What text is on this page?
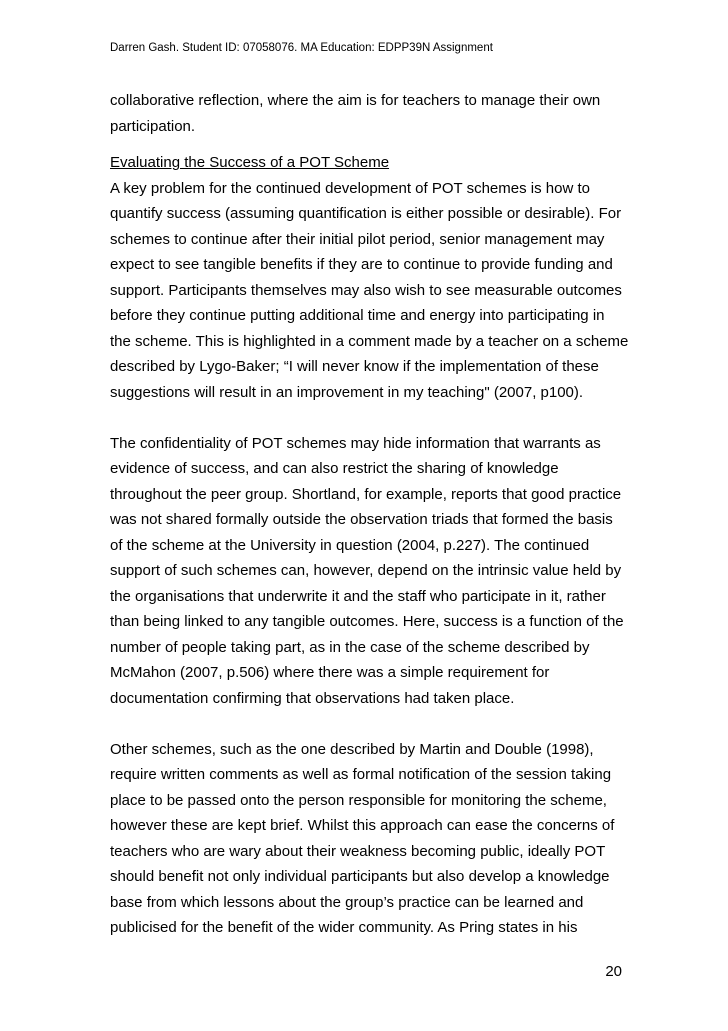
Darren Gash. Student ID: 07058076. MA Education: EDPP39N Assignment
collaborative reflection, where the aim is for teachers to manage their own
participation.
Evaluating the Success of a POT Scheme
A key problem for the continued development of POT schemes is how to
quantify success (assuming quantification is either possible or desirable). For
schemes to continue after their initial pilot period, senior management may
expect to see tangible benefits if they are to continue to provide funding and
support. Participants themselves may also wish to see measurable outcomes
before they continue putting additional time and energy into participating in
the scheme. This is highlighted in a comment made by a teacher on a scheme
described by Lygo-Baker; “I will never know if the implementation of these
suggestions will result in an improvement in my teaching" (2007, p100).
The confidentiality of POT schemes may hide information that warrants as
evidence of success, and can also restrict the sharing of knowledge
throughout the peer group. Shortland, for example, reports that good practice
was not shared formally outside the observation triads that formed the basis
of the scheme at the University in question (2004, p.227). The continued
support of such schemes can, however, depend on the intrinsic value held by
the organisations that underwrite it and the staff who participate in it, rather
than being linked to any tangible outcomes. Here, success is a function of the
number of people taking part, as in the case of the scheme described by
McMahon (2007, p.506) where there was a simple requirement for
documentation confirming that observations had taken place.
Other schemes, such as the one described by Martin and Double (1998),
require written comments as well as formal notification of the session taking
place to be passed onto the person responsible for monitoring the scheme,
however these are kept brief. Whilst this approach can ease the concerns of
teachers who are wary about their weakness becoming public, ideally POT
should benefit not only individual participants but also develop a knowledge
base from which lessons about the group’s practice can be learned and
publicised for the benefit of the wider community. As Pring states in his
20
